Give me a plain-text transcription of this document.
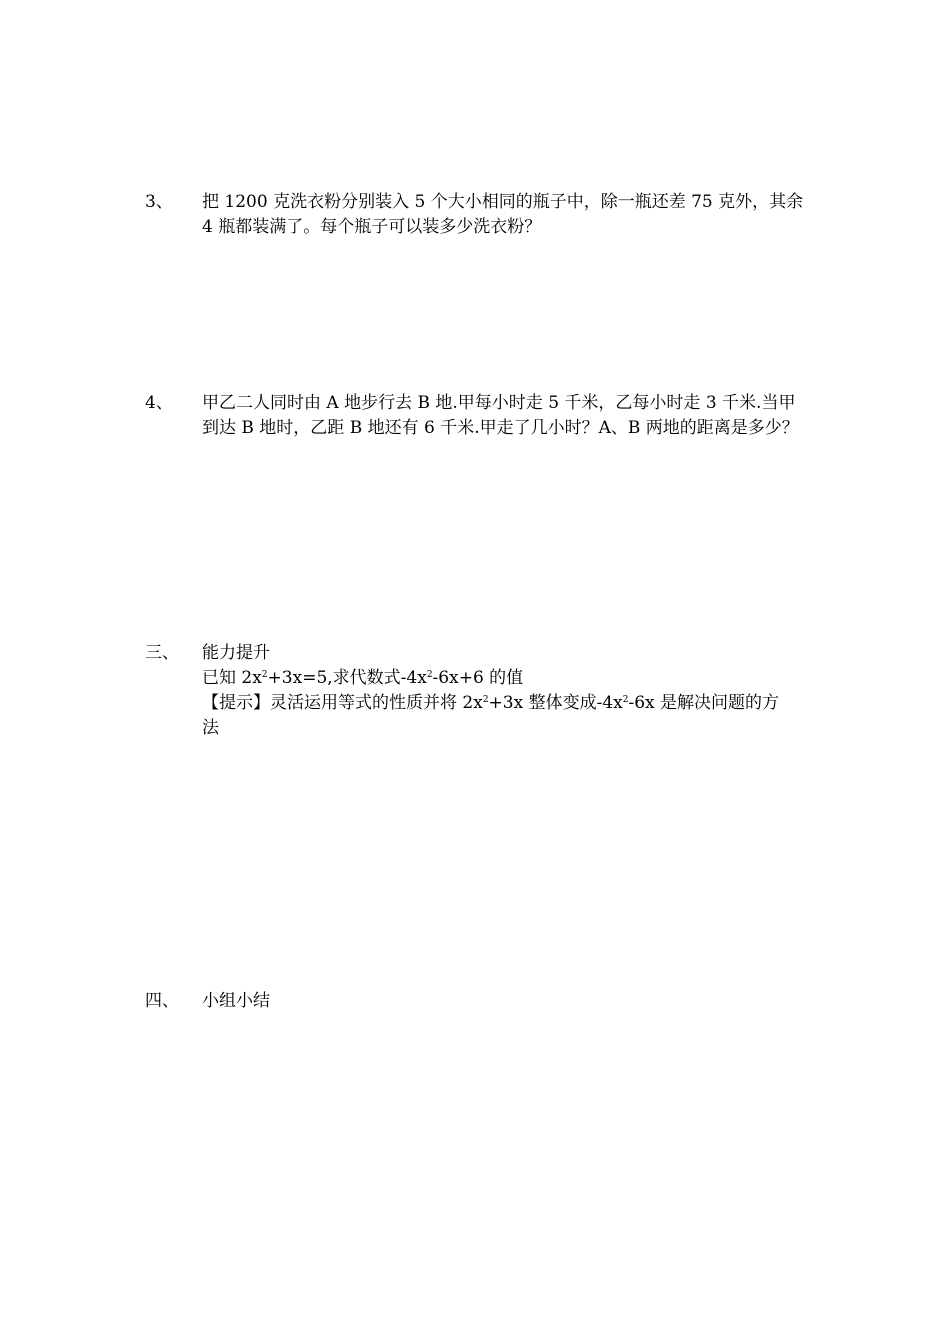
3、 把 1200 克洗衣粉分别装入 5 个大小相同的瓶子中，除一瓶还差 75 克外，其余
4 瓶都装满了。每个瓶子可以装多少洗衣粉？
4、 甲乙二人同时由 A 地步行去 B 地.甲每小时走 5 千米，乙每小时走 3 千米.当甲
到达 B 地时，乙距 B 地还有 6 千米.甲走了几小时？A、B 两地的距离是多少？
三、 能力提升
已知 $2x^2+3x=5$,求代数式$-4x^2-6x+6$ 的值
【提示】灵活运用等式的性质并将 $2x^2+3x$ 整体变成$-4x^2-6x$ 是解决问题的方
法
四、 小组小结
